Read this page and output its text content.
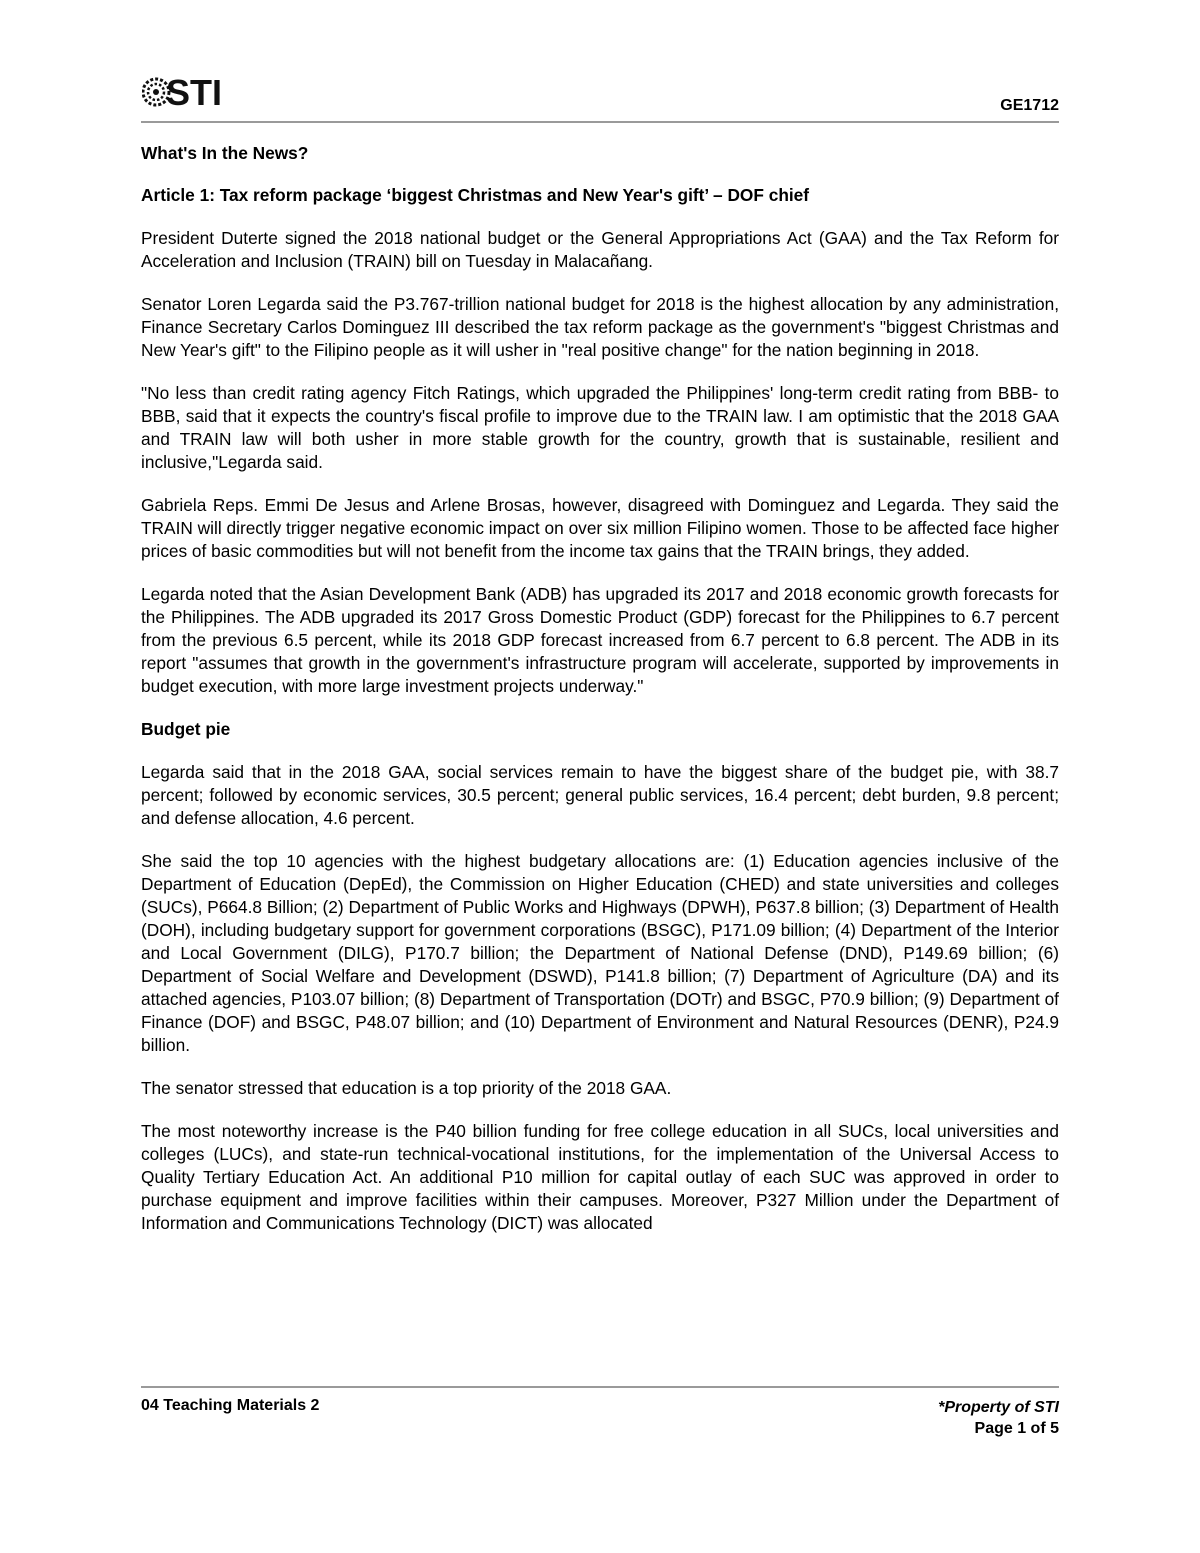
STI	GE1712

What's In the News?

Article 1: Tax reform package ‘biggest Christmas and New Year's gift’ – DOF chief

President Duterte signed the 2018 national budget or the General Appropriations Act (GAA) and the Tax Reform for Acceleration and Inclusion (TRAIN) bill on Tuesday in Malacañang.

Senator Loren Legarda said the P3.767-trillion national budget for 2018 is the highest allocation by any administration, Finance Secretary Carlos Dominguez III described the tax reform package as the government's "biggest Christmas and New Year's gift" to the Filipino people as it will usher in "real positive change" for the nation beginning in 2018.

"No less than credit rating agency Fitch Ratings, which upgraded the Philippines' long-term credit rating from BBB- to BBB, said that it expects the country's fiscal profile to improve due to the TRAIN law. I am optimistic that the 2018 GAA and TRAIN law will both usher in more stable growth for the country, growth that is sustainable, resilient and inclusive,"Legarda said.

Gabriela Reps. Emmi De Jesus and Arlene Brosas, however, disagreed with Dominguez and Legarda. They said the TRAIN will directly trigger negative economic impact on over six million Filipino women. Those to be affected face higher prices of basic commodities but will not benefit from the income tax gains that the TRAIN brings, they added.

Legarda noted that the Asian Development Bank (ADB) has upgraded its 2017 and 2018 economic growth forecasts for the Philippines. The ADB upgraded its 2017 Gross Domestic Product (GDP) forecast for the Philippines to 6.7 percent from the previous 6.5 percent, while its 2018 GDP forecast increased from 6.7 percent to 6.8 percent. The ADB in its report "assumes that growth in the government's infrastructure program will accelerate, supported by improvements in budget execution, with more large investment projects underway."

Budget pie

Legarda said that in the 2018 GAA, social services remain to have the biggest share of the budget pie, with 38.7 percent; followed by economic services, 30.5 percent; general public services, 16.4 percent; debt burden, 9.8 percent; and defense allocation, 4.6 percent.

She said the top 10 agencies with the highest budgetary allocations are: (1) Education agencies inclusive of the Department of Education (DepEd), the Commission on Higher Education (CHED) and state universities and colleges (SUCs), P664.8 Billion; (2) Department of Public Works and Highways (DPWH), P637.8 billion; (3) Department of Health (DOH), including budgetary support for government corporations (BSGC), P171.09 billion; (4) Department of the Interior and Local Government (DILG), P170.7 billion; the Department of National Defense (DND), P149.69 billion; (6) Department of Social Welfare and Development (DSWD), P141.8 billion; (7) Department of Agriculture (DA) and its attached agencies, P103.07 billion; (8) Department of Transportation (DOTr) and BSGC, P70.9 billion; (9) Department of Finance (DOF) and BSGC, P48.07 billion; and (10) Department of Environment and Natural Resources (DENR), P24.9 billion.

The senator stressed that education is a top priority of the 2018 GAA.

The most noteworthy increase is the P40 billion funding for free college education in all SUCs, local universities and colleges (LUCs), and state-run technical-vocational institutions, for the implementation of the Universal Access to Quality Tertiary Education Act. An additional P10 million for capital outlay of each SUC was approved in order to purchase equipment and improve facilities within their campuses. Moreover, P327 Million under the Department of Information and Communications Technology (DICT) was allocated

04 Teaching Materials 2	*Property of STI
Page 1 of 5
